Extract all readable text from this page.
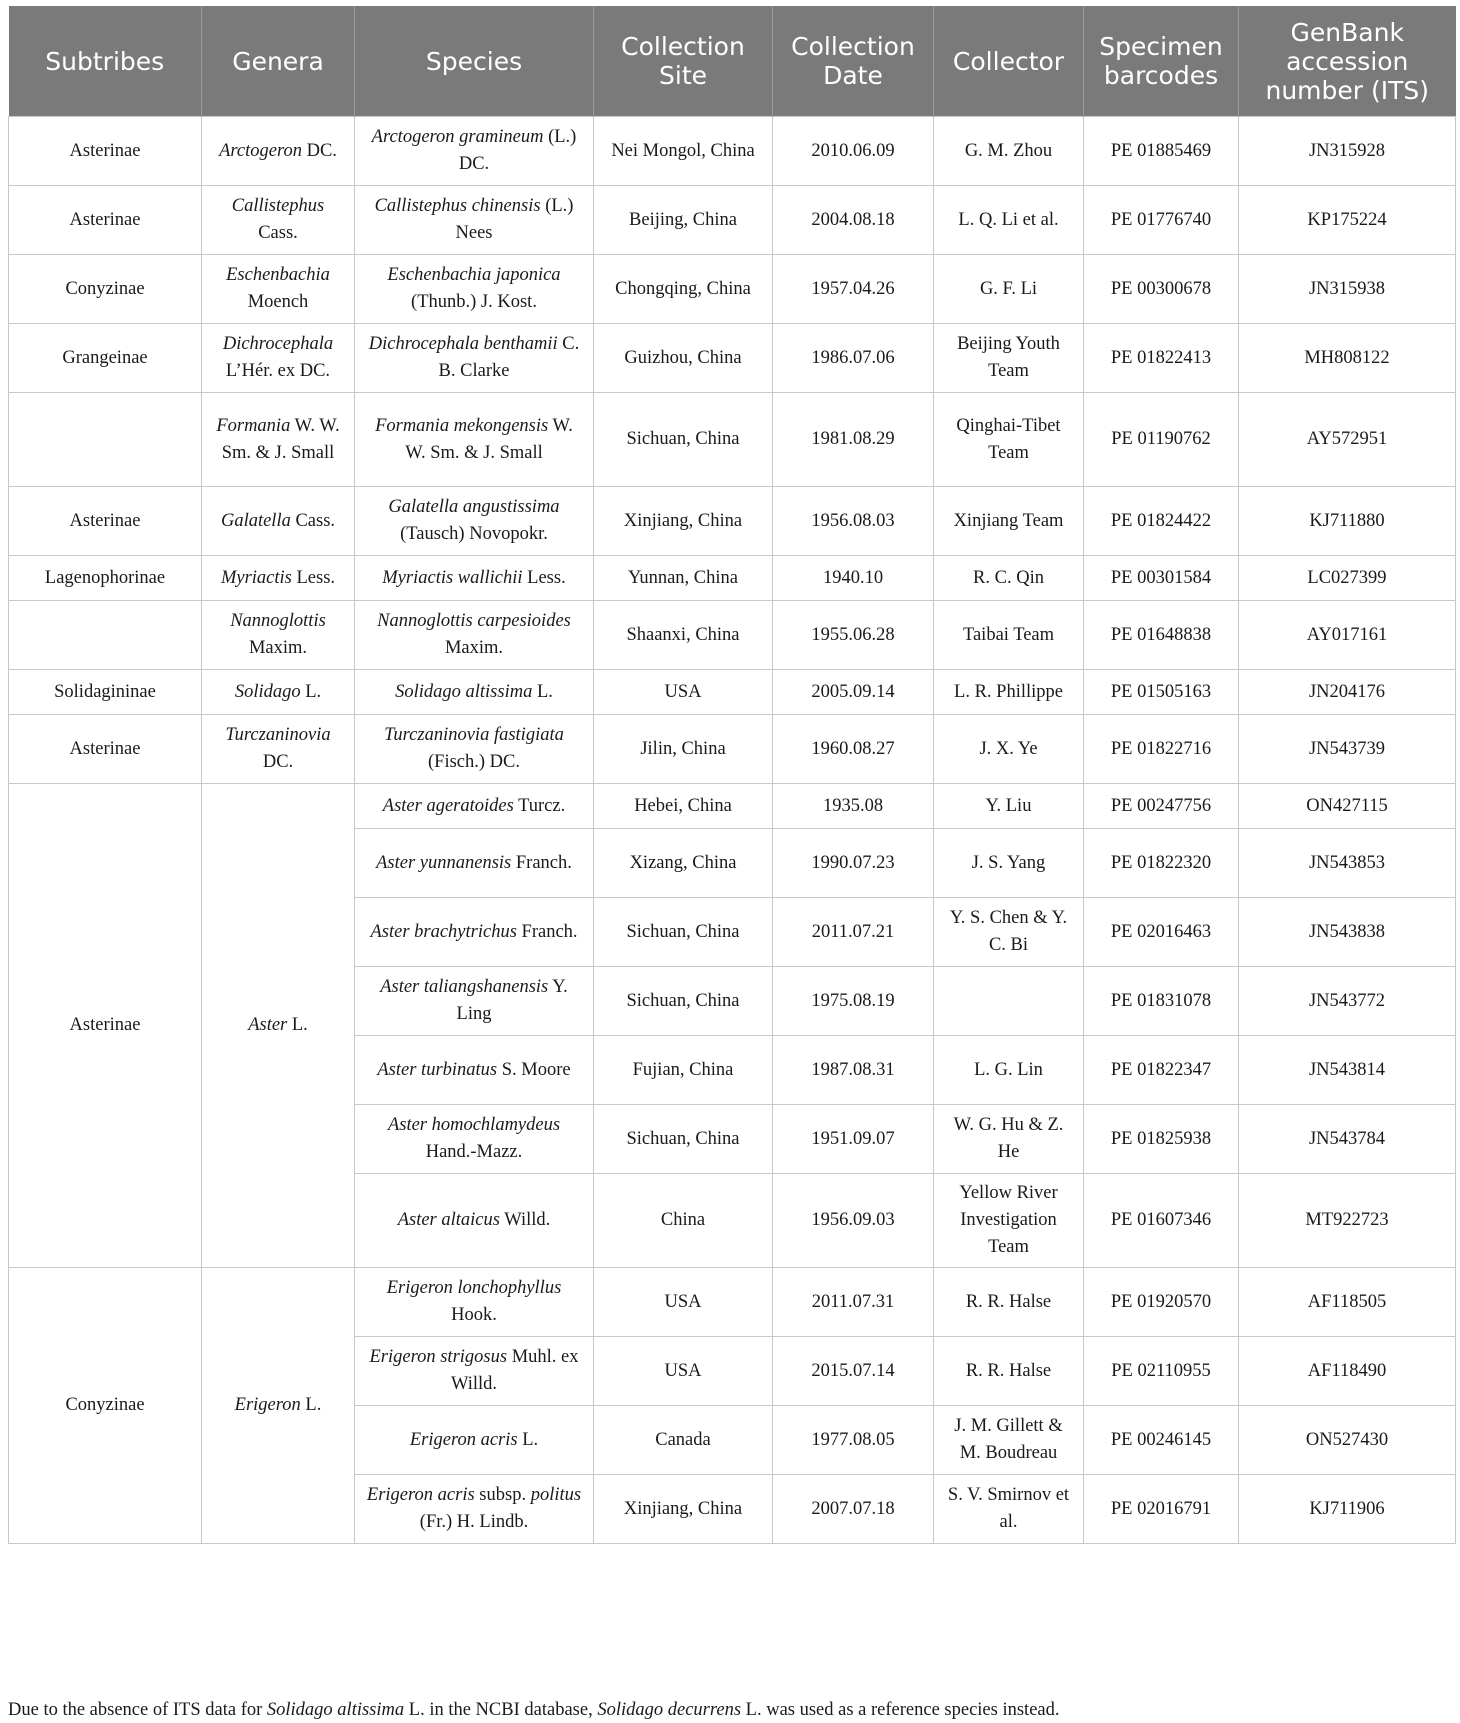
Subtribes	Genera	Species	Collection Site	Collection Date	Collector	Specimen barcodes	GenBank accession number (ITS)
Asterinae	Arctogeron DC.	Arctogeron gramineum (L.) DC.	Nei Mongol, China	2010.06.09	G. M. Zhou	PE 01885469	JN315928
Asterinae	Callistephus Cass.	Callistephus chinensis (L.) Nees	Beijing, China	2004.08.18	L. Q. Li et al.	PE 01776740	KP175224
Conyzinae	Eschenbachia Moench	Eschenbachia japonica (Thunb.) J. Kost.	Chongqing, China	1957.04.26	G. F. Li	PE 00300678	JN315938
Grangeinae	Dichrocephala L’Hér. ex DC.	Dichrocephala benthamii C. B. Clarke	Guizhou, China	1986.07.06	Beijing Youth Team	PE 01822413	MH808122
	Formania W. W. Sm. & J. Small	Formania mekongensis W. W. Sm. & J. Small	Sichuan, China	1981.08.29	Qinghai-Tibet Team	PE 01190762	AY572951
Asterinae	Galatella Cass.	Galatella angustissima (Tausch) Novopokr.	Xinjiang, China	1956.08.03	Xinjiang Team	PE 01824422	KJ711880
Lagenophorinae	Myriactis Less.	Myriactis wallichii Less.	Yunnan, China	1940.10	R. C. Qin	PE 00301584	LC027399
	Nannoglottis Maxim.	Nannoglottis carpesioides Maxim.	Shaanxi, China	1955.06.28	Taibai Team	PE 01648838	AY017161
Solidagininae	Solidago L.	Solidago altissima L.	USA	2005.09.14	L. R. Phillippe	PE 01505163	JN204176
Asterinae	Turczaninovia DC.	Turczaninovia fastigiata (Fisch.) DC.	Jilin, China	1960.08.27	J. X. Ye	PE 01822716	JN543739
Asterinae	Aster L.	Aster ageratoides Turcz.	Hebei, China	1935.08	Y. Liu	PE 00247756	ON427115
		Aster yunnanensis Franch.	Xizang, China	1990.07.23	J. S. Yang	PE 01822320	JN543853
		Aster brachytrichus Franch.	Sichuan, China	2011.07.21	Y. S. Chen & Y. C. Bi	PE 02016463	JN543838
		Aster taliangshanensis Y. Ling	Sichuan, China	1975.08.19		PE 01831078	JN543772
		Aster turbinatus S. Moore	Fujian, China	1987.08.31	L. G. Lin	PE 01822347	JN543814
		Aster homochlamydeus Hand.-Mazz.	Sichuan, China	1951.09.07	W. G. Hu & Z. He	PE 01825938	JN543784
		Aster altaicus Willd.	China	1956.09.03	Yellow River Investigation Team	PE 01607346	MT922723
Conyzinae	Erigeron L.	Erigeron lonchophyllus Hook.	USA	2011.07.31	R. R. Halse	PE 01920570	AF118505
		Erigeron strigosus Muhl. ex Willd.	USA	2015.07.14	R. R. Halse	PE 02110955	AF118490
		Erigeron acris L.	Canada	1977.08.05	J. M. Gillett & M. Boudreau	PE 00246145	ON527430
		Erigeron acris subsp. politus (Fr.) H. Lindb.	Xinjiang, China	2007.07.18	S. V. Smirnov et al.	PE 02016791	KJ711906
Due to the absence of ITS data for Solidago altissima L. in the NCBI database, Solidago decurrens L. was used as a reference species instead.
